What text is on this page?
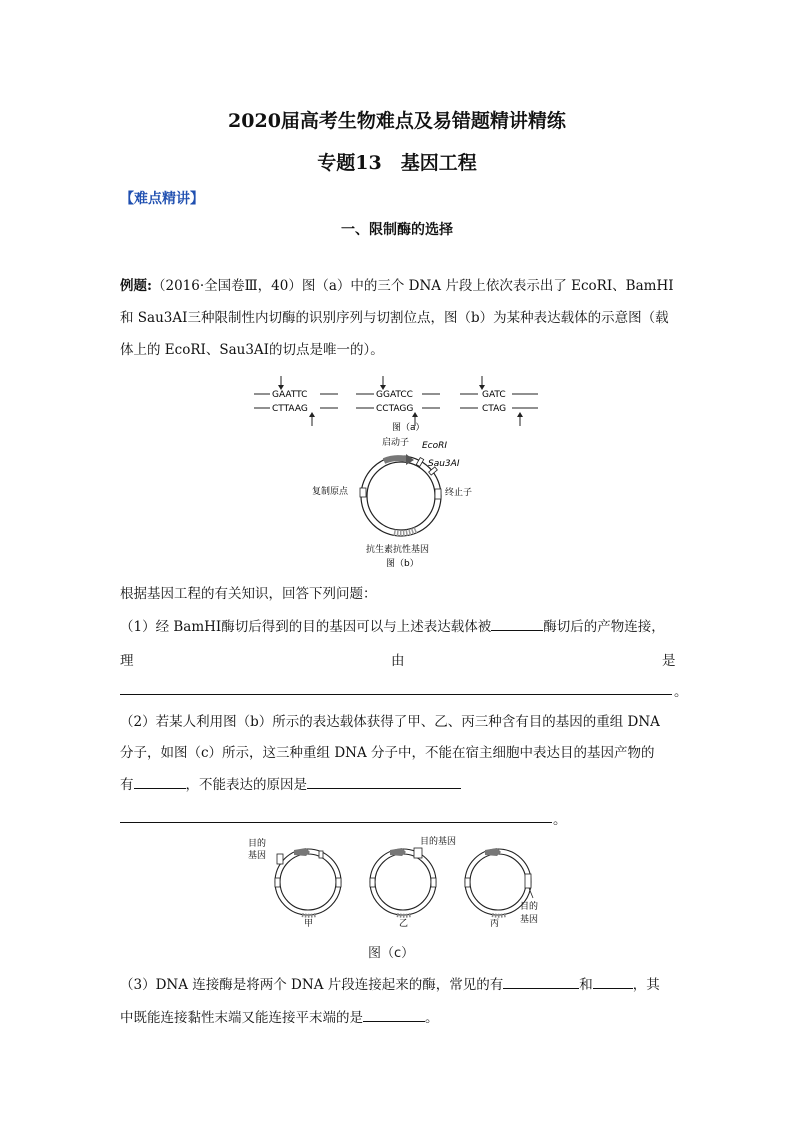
2020届高考生物难点及易错题精讲精练
专题13　基因工程
【难点精讲】
一、限制酶的选择
例题:（2016·全国卷Ⅲ，40）图（a）中的三个 DNA 片段上依次表示出了 EcoRⅠ、BamHⅠ
和 Sau3AⅠ三种限制性内切酶的识别序列与切割位点，图（b）为某种表达载体的示意图（载
体上的 EcoRⅠ、Sau3AⅠ的切点是唯一的）。
GAATTC
CTTAAG
GGATCC
CCTAGG
GATC
CTAG
图（a）
启动子 EcoRⅠ
Sau3AⅠ
复制原点	终止子
抗生素抗性基因
图（b）
根据基因工程的有关知识，回答下列问题：
（1）经 BamHⅠ酶切后得到的目的基因可以与上述表达载体被	酶切后的产物连接，
理	由	是
。
（2）若某人利用图（b）所示的表达载体获得了甲、乙、丙三种含有目的基因的重组 DNA
分子，如图（c）所示，这三种重组 DNA 分子中，不能在宿主细胞中表达目的基因产物的
有	，不能表达的原因是
。
目的
基因
目的基因
目的
基因
甲	乙	丙
图（c）
（3）DNA 连接酶是将两个 DNA 片段连接起来的酶，常见的有	和	，其
中既能连接黏性末端又能连接平末端的是	。
